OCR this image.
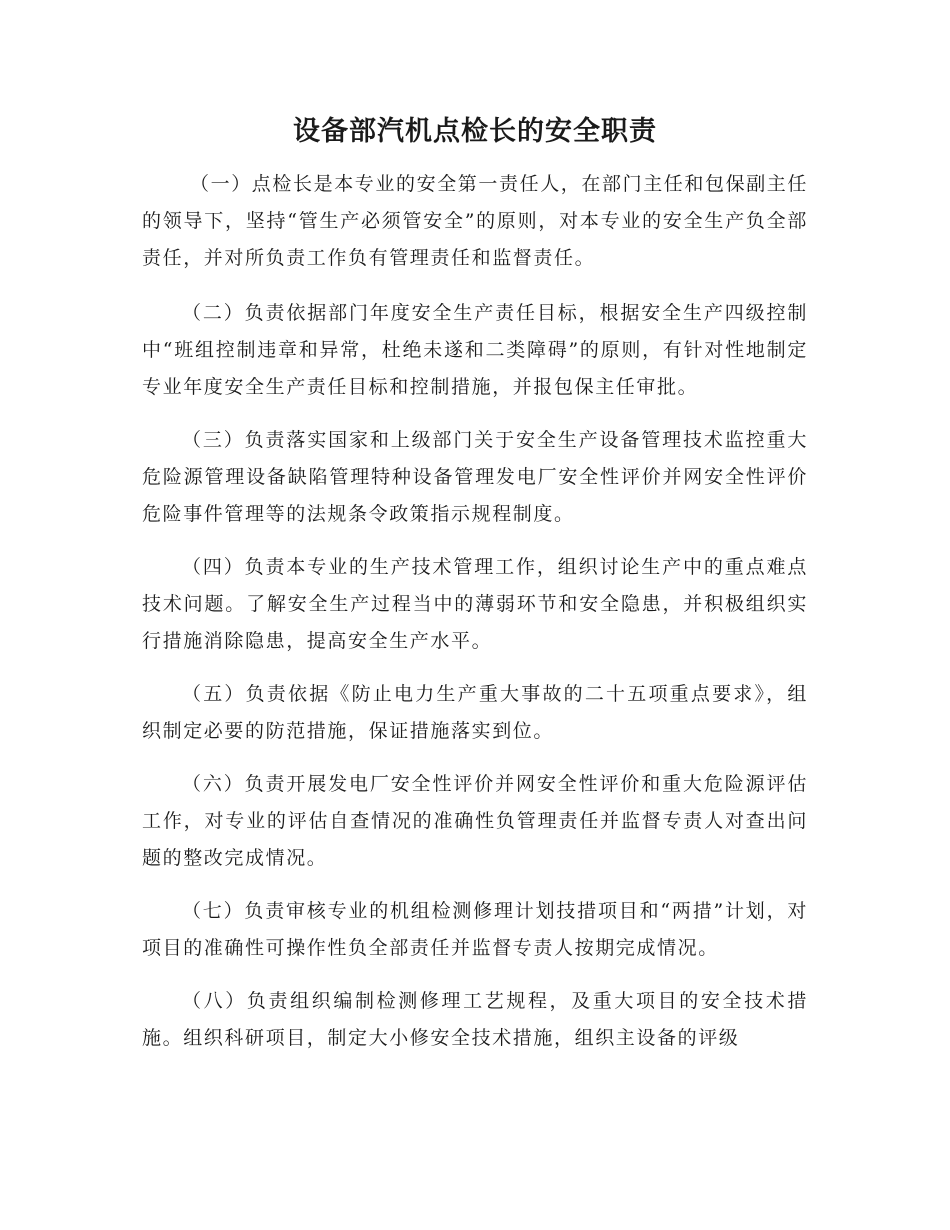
设备部汽机点检长的安全职责

（一）点检长是本专业的安全第一责任人，在部门主任和包保副主任的领导下，坚持“管生产必须管安全”的原则，对本专业的安全生产负全部责任，并对所负责工作负有管理责任和监督责任。

（二）负责依据部门年度安全生产责任目标，根据安全生产四级控制中“班组控制违章和异常，杜绝未遂和二类障碍”的原则，有针对性地制定专业年度安全生产责任目标和控制措施，并报包保主任审批。

（三）负责落实国家和上级部门关于安全生产设备管理技术监控重大危险源管理设备缺陷管理特种设备管理发电厂安全性评价并网安全性评价危险事件管理等的法规条令政策指示规程制度。

（四）负责本专业的生产技术管理工作，组织讨论生产中的重点难点技术问题。了解安全生产过程当中的薄弱环节和安全隐患，并积极组织实行措施消除隐患，提高安全生产水平。

（五）负责依据《防止电力生产重大事故的二十五项重点要求》，组织制定必要的防范措施，保证措施落实到位。

（六）负责开展发电厂安全性评价并网安全性评价和重大危险源评估工作，对专业的评估自查情况的准确性负管理责任并监督专责人对查出问题的整改完成情况。

（七）负责审核专业的机组检测修理计划技措项目和“两措”计划，对项目的准确性可操作性负全部责任并监督专责人按期完成情况。

（八）负责组织编制检测修理工艺规程，及重大项目的安全技术措施。组织科研项目，制定大小修安全技术措施，组织主设备的评级
